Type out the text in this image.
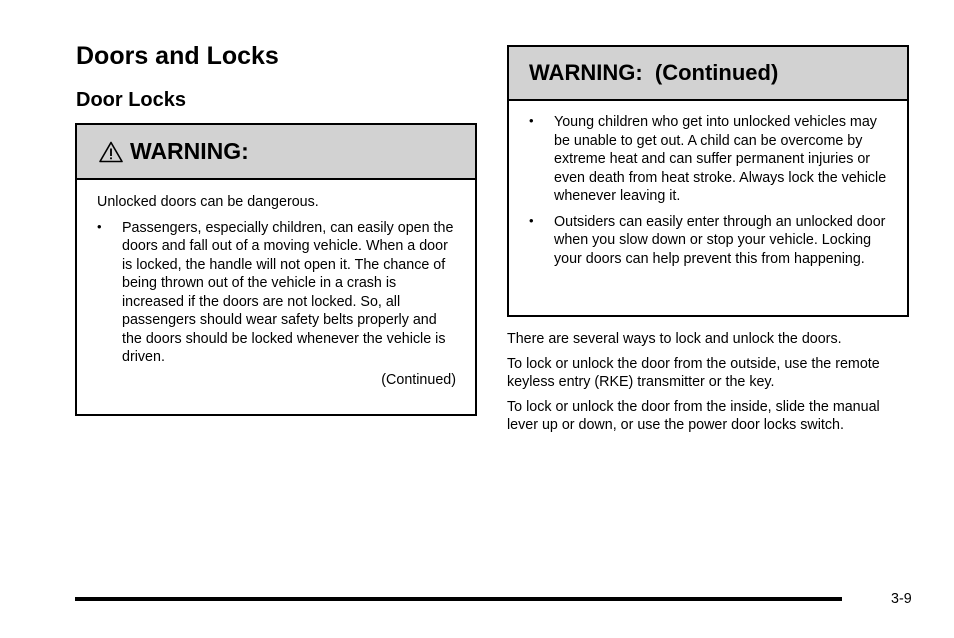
Doors and Locks
Door Locks
WARNING:
Unlocked doors can be dangerous.
• Passengers, especially children, can easily open the doors and fall out of a moving vehicle. When a door is locked, the handle will not open it. The chance of being thrown out of the vehicle in a crash is increased if the doors are not locked. So, all passengers should wear safety belts properly and the doors should be locked whenever the vehicle is driven.
(Continued)
WARNING:  (Continued)
• Young children who get into unlocked vehicles may be unable to get out. A child can be overcome by extreme heat and can suffer permanent injuries or even death from heat stroke. Always lock the vehicle whenever leaving it.
• Outsiders can easily enter through an unlocked door when you slow down or stop your vehicle. Locking your doors can help prevent this from happening.
There are several ways to lock and unlock the doors.
To lock or unlock the door from the outside, use the remote keyless entry (RKE) transmitter or the key.
To lock or unlock the door from the inside, slide the manual lever up or down, or use the power door locks switch.
3-9
